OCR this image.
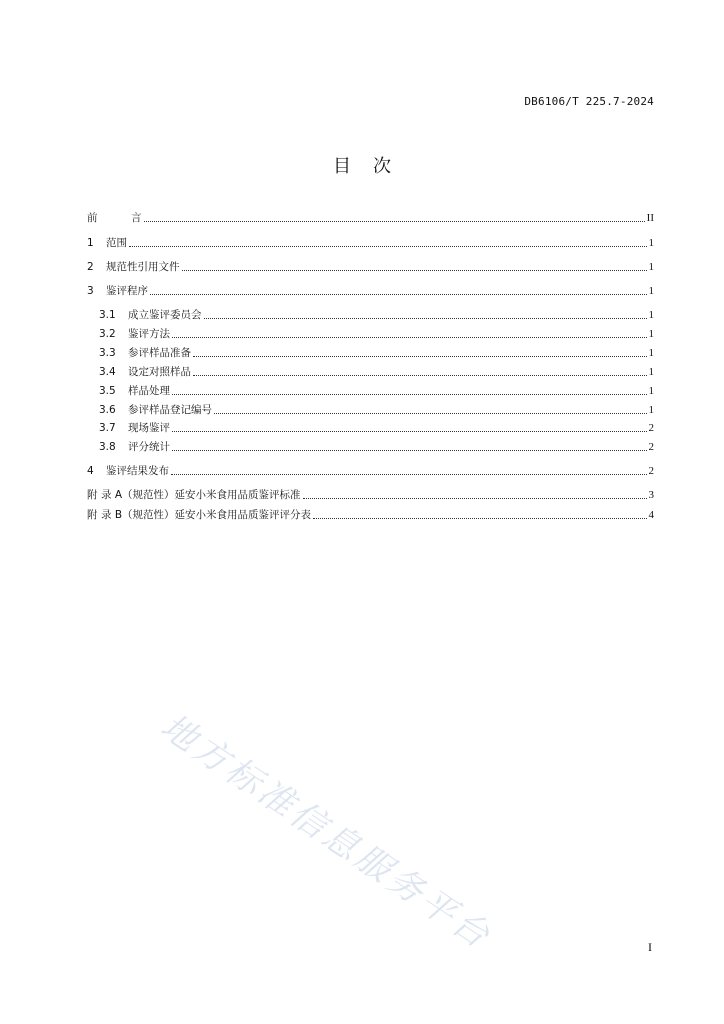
DB6106/T 225.7-2024
目 次
前	言	II
1	范围	1
2	规范性引用文件	1
3	鉴评程序	1
3.1	成立鉴评委员会	1
3.2	鉴评方法	1
3.3	参评样品准备	1
3.4	设定对照样品	1
3.5	样品处理	1
3.6	参评样品登记编号	1
3.7	现场鉴评	2
3.8	评分统计	2
4	鉴评结果发布	2
附 录 A（规范性）延安小米食用品质鉴评标准	3
附 录 B（规范性）延安小米食用品质鉴评评分表	4
地方标准信息服务平台	I
